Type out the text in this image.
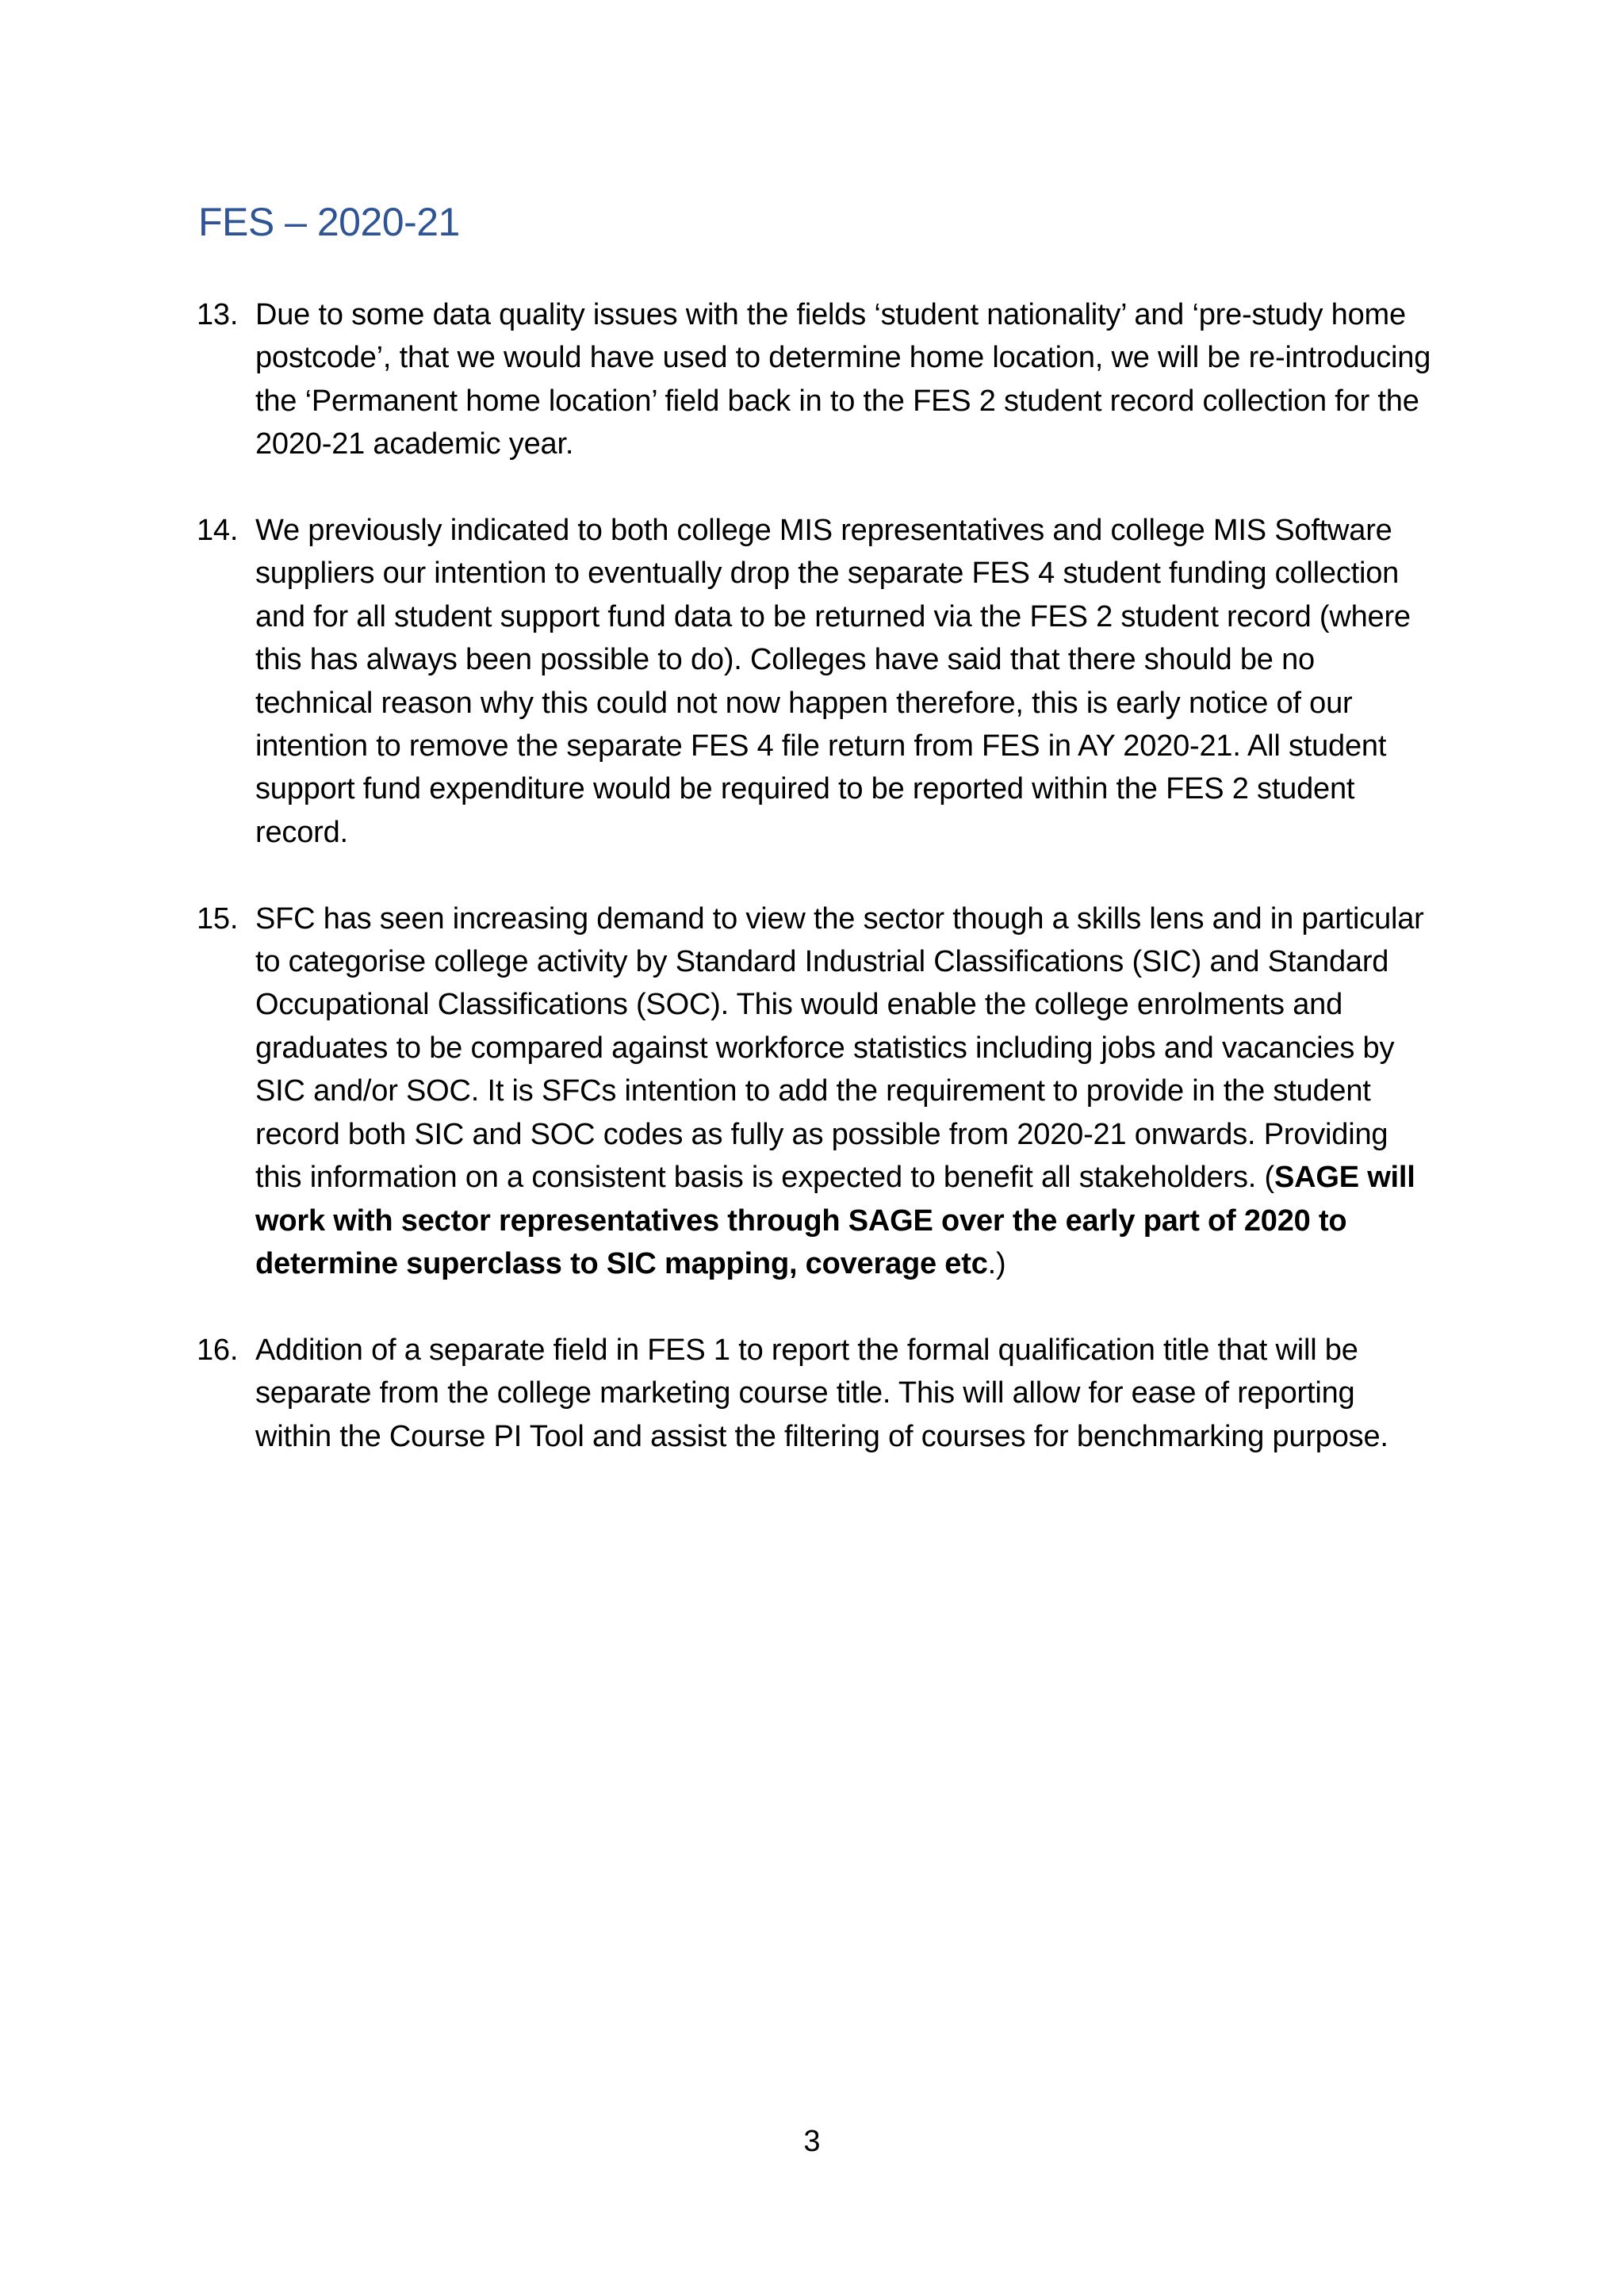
FES – 2020-21
13. Due to some data quality issues with the fields ‘student nationality’ and ‘pre-study home postcode’, that we would have used to determine home location, we will be re-introducing the ‘Permanent home location’ field back in to the FES 2 student record collection for the 2020-21 academic year.
14. We previously indicated to both college MIS representatives and college MIS Software suppliers our intention to eventually drop the separate FES 4 student funding collection and for all student support fund data to be returned via the FES 2 student record (where this has always been possible to do). Colleges have said that there should be no technical reason why this could not now happen therefore, this is early notice of our intention to remove the separate FES 4 file return from FES in AY 2020-21. All student support fund expenditure would be required to be reported within the FES 2 student record.
15. SFC has seen increasing demand to view the sector though a skills lens and in particular to categorise college activity by Standard Industrial Classifications (SIC) and Standard Occupational Classifications (SOC). This would enable the college enrolments and graduates to be compared against workforce statistics including jobs and vacancies by SIC and/or SOC. It is SFCs intention to add the requirement to provide in the student record both SIC and SOC codes as fully as possible from 2020-21 onwards. Providing this information on a consistent basis is expected to benefit all stakeholders. (SAGE will work with sector representatives through SAGE over the early part of 2020 to determine superclass to SIC mapping, coverage etc.)
16. Addition of a separate field in FES 1 to report the formal qualification title that will be separate from the college marketing course title. This will allow for ease of reporting within the Course PI Tool and assist the filtering of courses for benchmarking purpose.
3
